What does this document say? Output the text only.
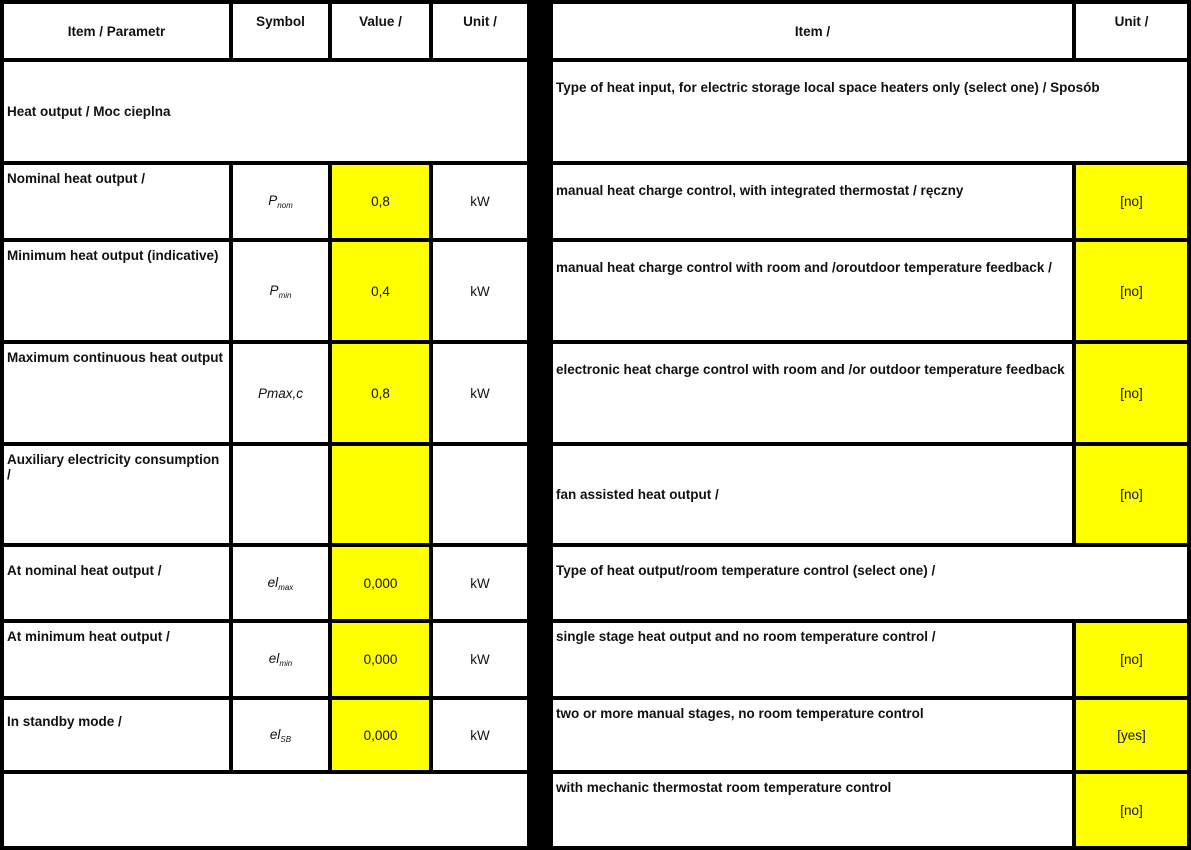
Item / Parametr	Symbol	Value /	Unit /
Heat output / Moc cieplna			
Nominal heat output /	$P_{nom}$	0,8	kW
Minimum heat output (indicative)	$P_{min}$	0,4	kW
Maximum continuous heat output	Pmax,c	0,8	kW
Auxiliary electricity consumption /			
At nominal heat output /	$el_{max}$	0,000	kW
At minimum heat output /	$el_{min}$	0,000	kW
In standby mode /	$el_{SB}$	0,000	kW

Item /	Unit /
Type of heat input, for electric storage local space heaters only (select one) / Sposób	
manual heat charge control, with integrated thermostat / ręczny	[no]
manual heat charge control with room and /oroutdoor temperature feedback /	[no]
electronic heat charge control with room and /or outdoor temperature feedback	[no]
fan assisted heat output /	[no]
Type of heat output/room temperature control (select one) /	
single stage heat output and no room temperature control /	[no]
two or more manual stages, no room temperature control	[yes]
with mechanic thermostat room temperature control	[no]
